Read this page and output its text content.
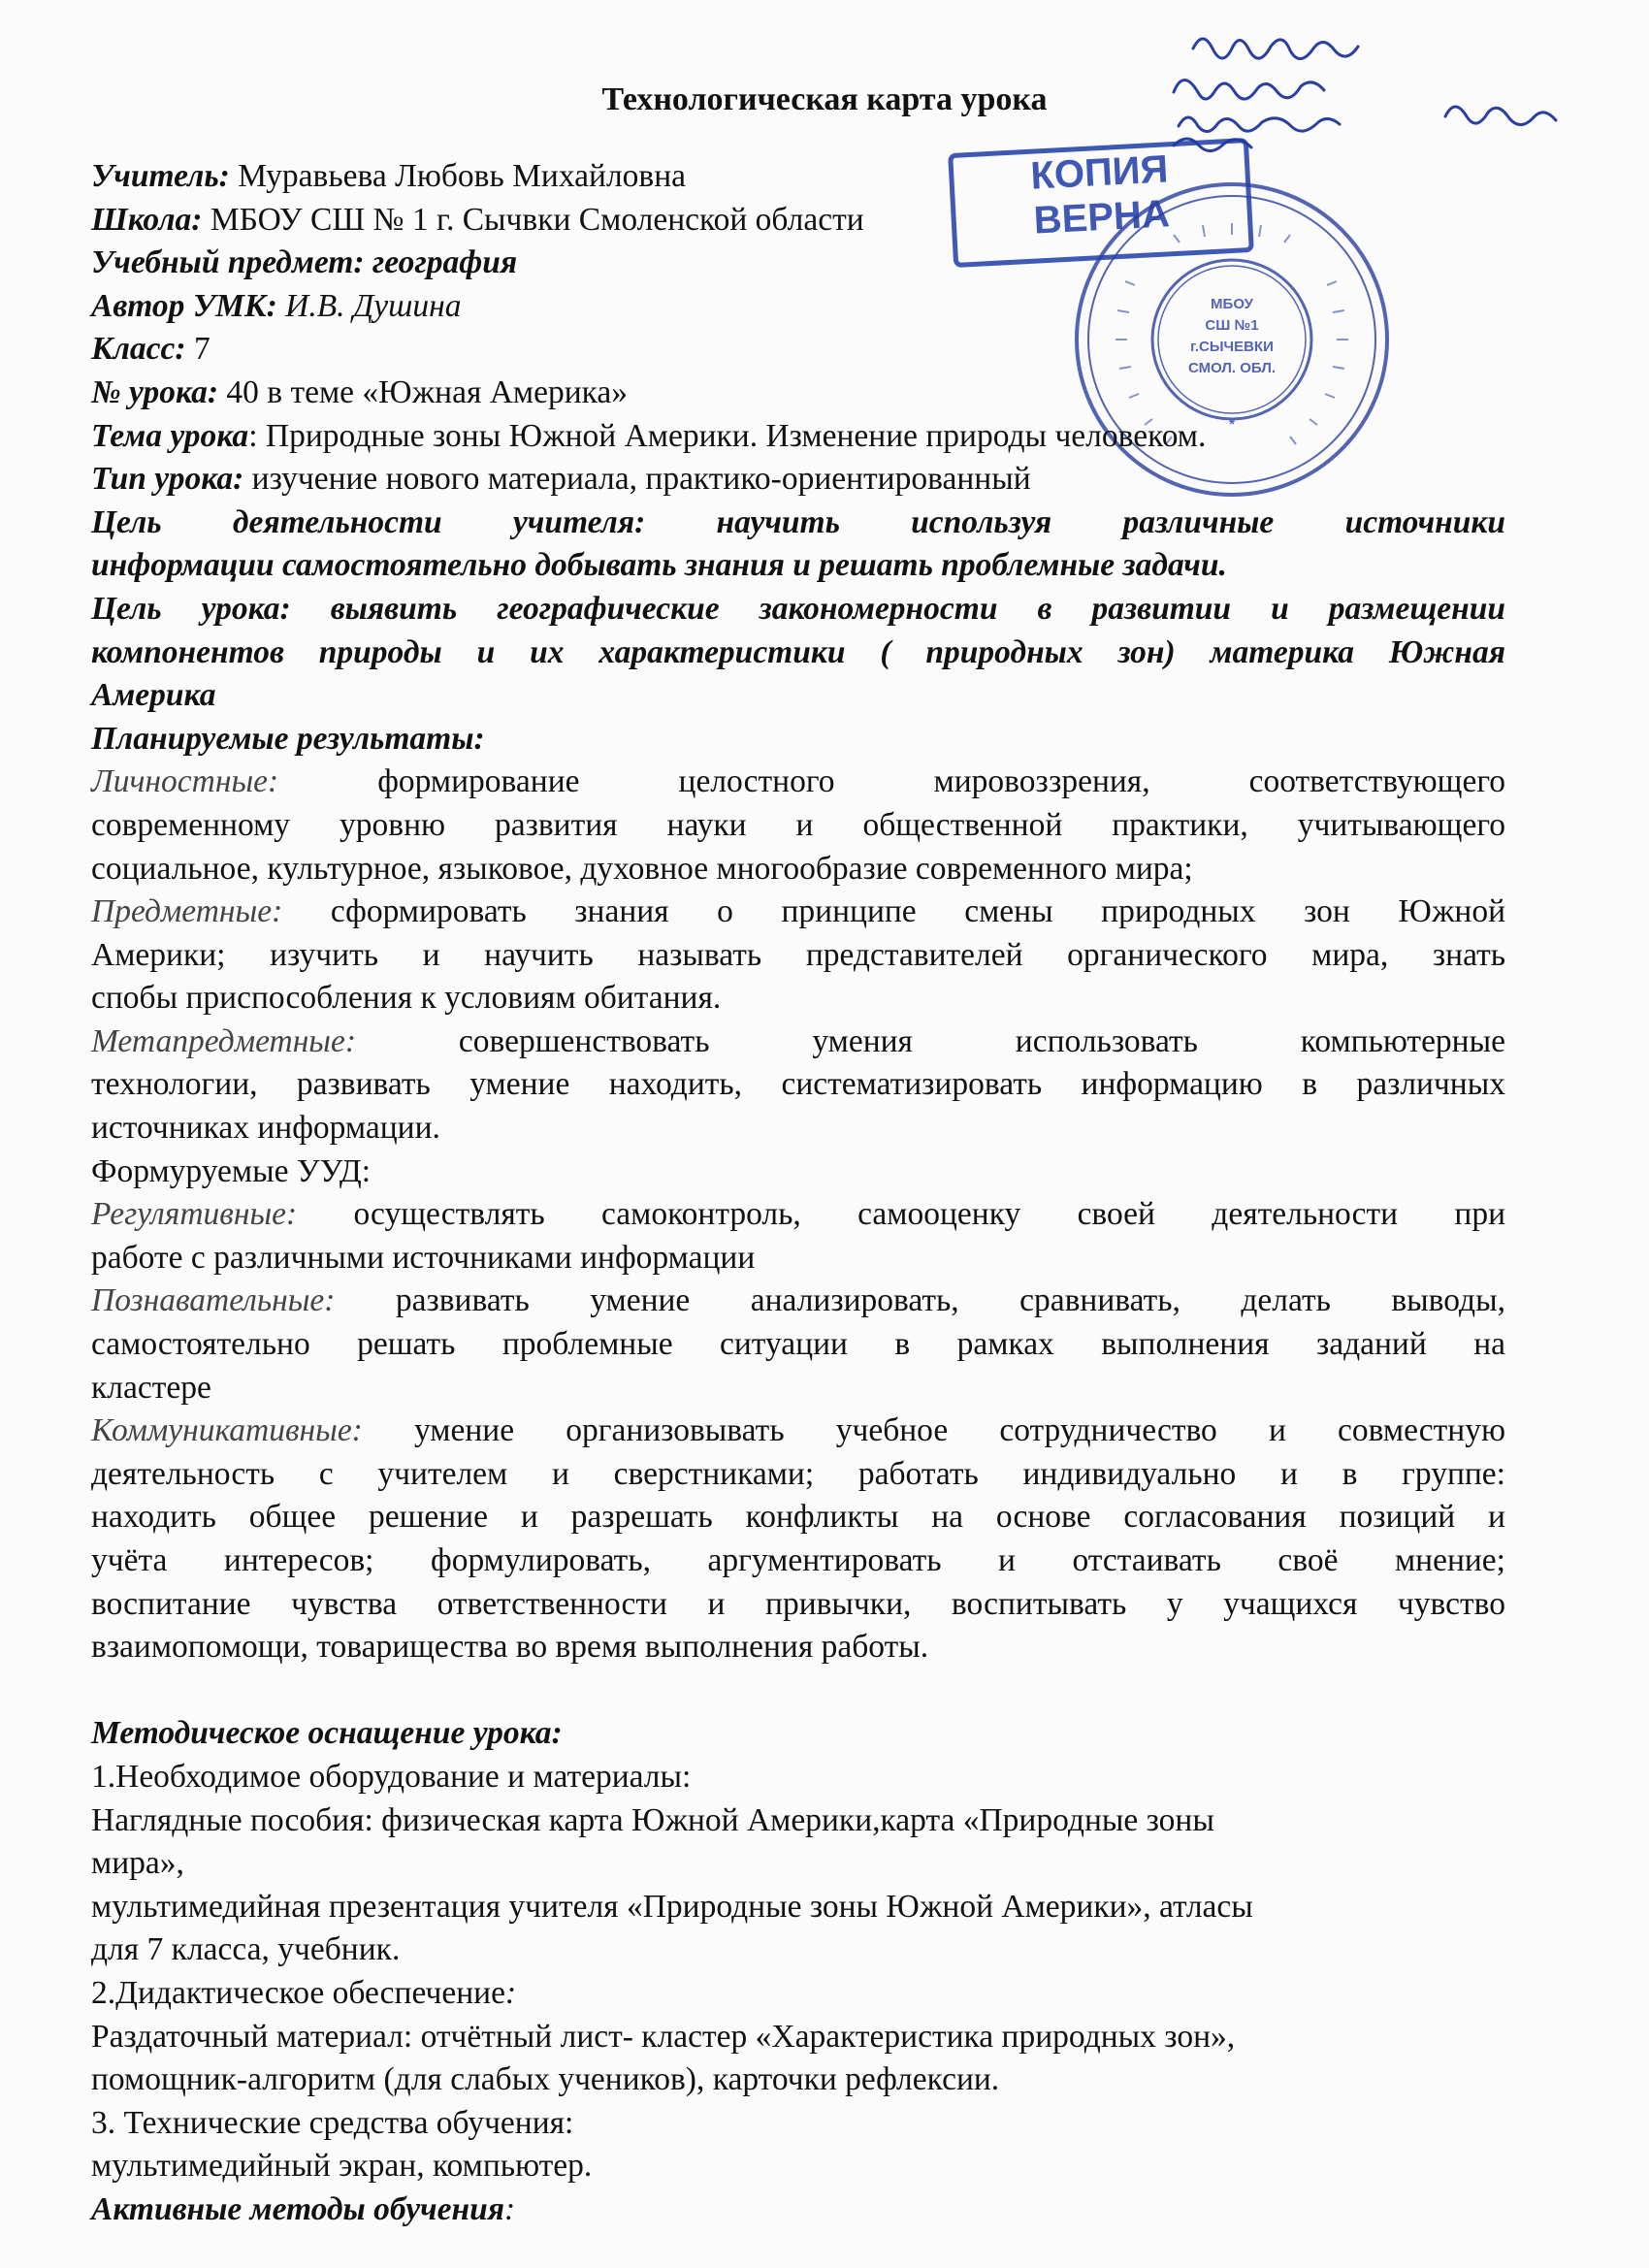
Технологическая карта урока
КОПИЯ
ВЕРНА
МБОУ
СШ №1
г.СЫЧЕВКИ
СМОЛ. ОБЛ.
*
Учитель: Муравьева Любовь Михайловна
Школа: МБОУ СШ № 1 г. Сычвки Смоленской области
Учебный предмет: география
Автор УМК: И.В. Душина
Класс: 7
№ урока: 40 в теме «Южная Америка»
Тема урока: Природные зоны Южной Америки. Изменение природы человеком.
Тип урока: изучение нового материала, практико-ориентированный
Цель деятельности учителя: научить используя различные источники
информации самостоятельно добывать знания и решать проблемные задачи.
Цель урока: выявить географические закономерности в развитии и размещении
компонентов природы и их характеристики ( природных зон) материка Южная
Америка
Планируемые результаты:
Личностные:	формирование целостного мировоззрения, соответствующего
современному уровню развития науки и общественной практики, учитывающего
социальное, культурное, языковое, духовное многообразие современного мира;
Предметные: сформировать знания о принципе смены природных зон Южной
Америки; изучить и научить называть представителей органического мира, знать
спобы приспособления к условиям обитания.
Метапредметные:	совершенствовать умения использовать компьютерные
технологии, развивать умение находить, систематизировать информацию в различных
источниках информации.
Формуруемые УУД:
Регулятивные: осуществлять самоконтроль, самооценку своей деятельности при
работе с различными источниками информации
Познавательные: развивать умение анализировать, сравнивать, делать выводы,
самостоятельно решать проблемные ситуации в рамках выполнения заданий на
кластере
Коммуникативные: умение организовывать учебное сотрудничество и совместную
деятельность с учителем и сверстниками; работать индивидуально и в группе:
находить общее решение и разрешать конфликты на основе согласования позиций и
учёта интересов; формулировать, аргументировать и отстаивать своё мнение;
воспитание чувства ответственности и привычки, воспитывать у учащихся чувство
взаимопомощи, товарищества во время выполнения работы.
Методическое оснащение урока:
1.Необходимое оборудование и материалы:
Наглядные пособия: физическая карта Южной Америки,карта «Природные зоны
мира»,
мультимедийная презентация учителя «Природные зоны Южной Америки», атласы
для 7 класса, учебник.
2.Дидактическое обеспечение:
Раздаточный материал: отчётный лист- кластер «Характеристика природных зон»,
помощник-алгоритм (для слабых учеников), карточки рефлексии.
3. Технические средства обучения:
мультимедийный экран, компьютер.
Активные методы обучения:
